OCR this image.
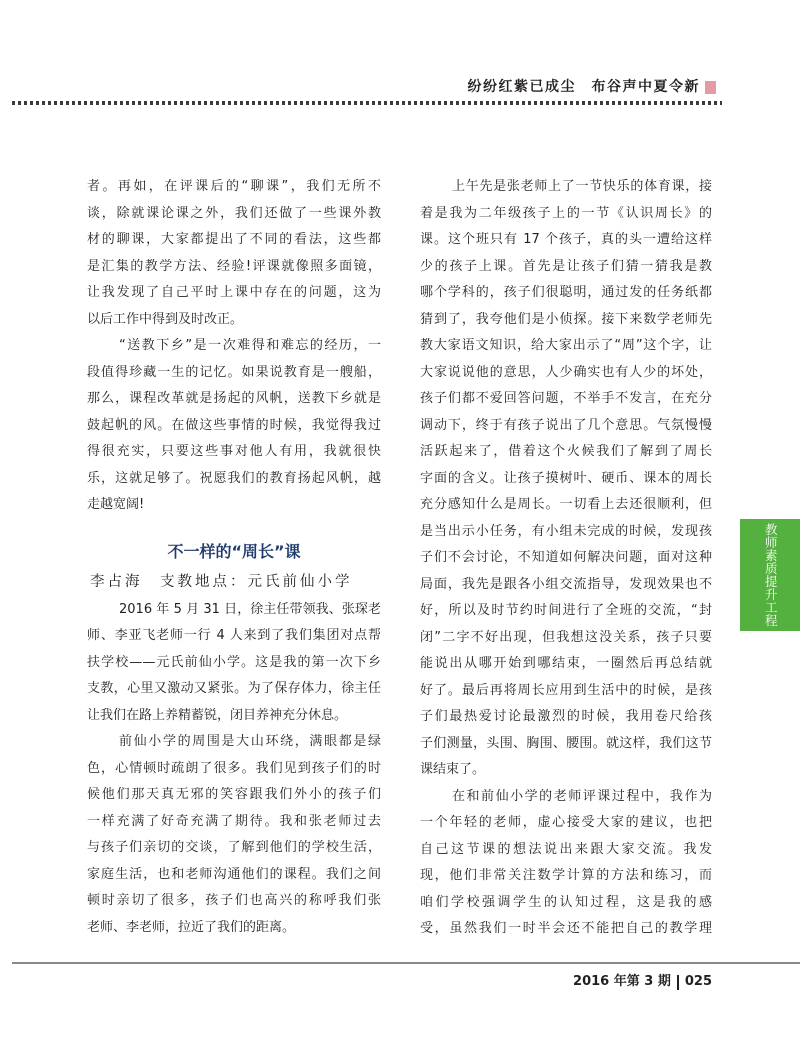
纷纷红紫已成尘　布谷声中夏令新
者。再如，在评课后的“聊课”，我们无所不
谈，除就课论课之外，我们还做了一些课外教
材的聊课，大家都提出了不同的看法，这些都
是汇集的教学方法、经验!评课就像照多面镜，
让我发现了自己平时上课中存在的问题，这为
以后工作中得到及时改正。
“送教下乡”是一次难得和难忘的经历，一
段值得珍藏一生的记忆。如果说教育是一艘船，
那么，课程改革就是扬起的风帆，送教下乡就是
鼓起帆的风。在做这些事情的时候，我觉得我过
得很充实，只要这些事对他人有用，我就很快
乐，这就足够了。祝愿我们的教育扬起风帆，越
走越宽阔!
不一样的“周长”课
李占海　支教地点：元氏前仙小学
2016 年 5 月 31 日，徐主任带领我、张琛老
师、李亚飞老师一行 4 人来到了我们集团对点帮
扶学校——元氏前仙小学。这是我的第一次下乡
支教，心里又激动又紧张。为了保存体力，徐主任
让我们在路上养精蓄锐，闭目养神充分休息。
前仙小学的周围是大山环绕，满眼都是绿
色，心情顿时疏朗了很多。我们见到孩子们的时
候他们那天真无邪的笑容跟我们外小的孩子们
一样充满了好奇充满了期待。我和张老师过去
与孩子们亲切的交谈，了解到他们的学校生活，
家庭生活，也和老师沟通他们的课程。我们之间
顿时亲切了很多，孩子们也高兴的称呼我们张
老师、李老师，拉近了我们的距离。
上午先是张老师上了一节快乐的体育课，接
着是我为二年级孩子上的一节《认识周长》的
课。这个班只有 17 个孩子，真的头一遭给这样
少的孩子上课。首先是让孩子们猜一猜我是教
哪个学科的，孩子们很聪明，通过发的任务纸都
猜到了，我夸他们是小侦探。接下来数学老师先
教大家语文知识，给大家出示了“周”这个字，让
大家说说他的意思，人少确实也有人少的坏处，
孩子们都不爱回答问题，不举手不发言，在充分
调动下，终于有孩子说出了几个意思。气氛慢慢
活跃起来了，借着这个火候我们了解到了周长
字面的含义。让孩子摸树叶、硬币、课本的周长
充分感知什么是周长。一切看上去还很顺利，但
是当出示小任务，有小组未完成的时候，发现孩
子们不会讨论，不知道如何解决问题，面对这种
局面，我先是跟各小组交流指导，发现效果也不
好，所以及时节约时间进行了全班的交流，“封
闭”二字不好出现，但我想这没关系，孩子只要
能说出从哪开始到哪结束，一圈然后再总结就
好了。最后再将周长应用到生活中的时候，是孩
子们最热爱讨论最激烈的时候，我用卷尺给孩
子们测量，头围、胸围、腰围。就这样，我们这节
课结束了。
在和前仙小学的老师评课过程中，我作为
一个年轻的老师，虚心接受大家的建议，也把
自己这节课的想法说出来跟大家交流。我发
现，他们非常关注数学计算的方法和练习，而
咱们学校强调学生的认知过程，这是我的感
受，虽然我们一时半会还不能把自己的教学理
教师素质提升工程
2016 年第 3 期 025
